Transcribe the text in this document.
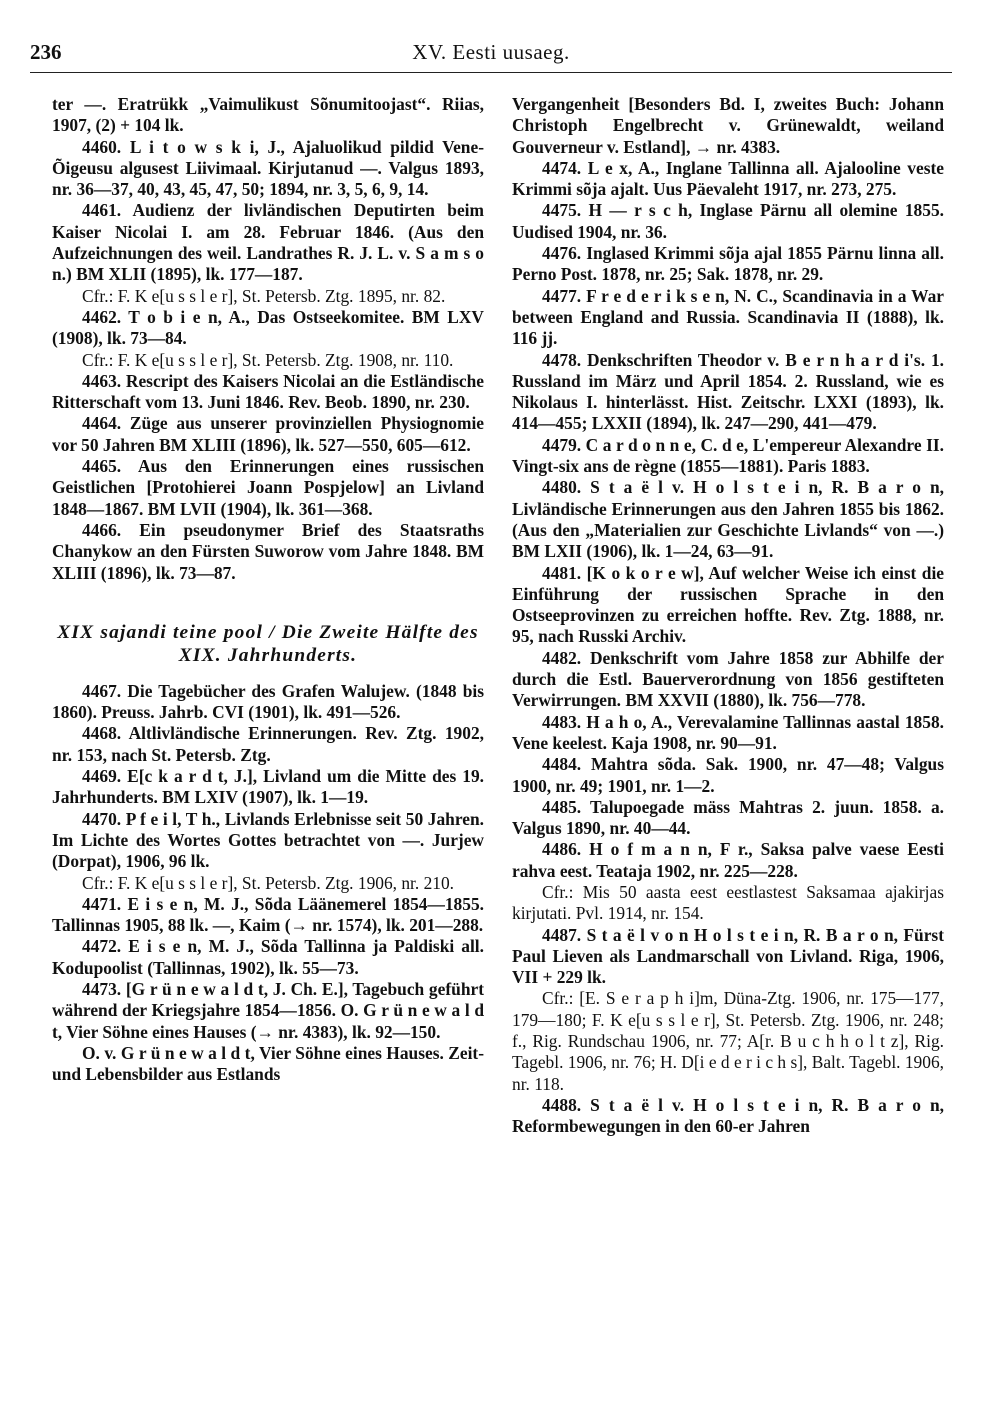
236	XV. Eesti uusaeg.

ter —. Eratrükk „Vaimulikust Sõnumitoojast“. Riias, 1907, (2) + 104 lk.

4460. L i t o w s k i, J., Ajaluolikud pildid Vene-Õigeusu algusest Liivimaal. Kirjutanud —. Valgus 1893, nr. 36—37, 40, 43, 45, 47, 50; 1894, nr. 3, 5, 6, 9, 14.

4461. Audienz der livländischen Deputirten beim Kaiser Nicolai I. am 28. Februar 1846. (Aus den Aufzeichnungen des weil. Landrathes R. J. L. v. S a m s o n.) BM XLII (1895), lk. 177—187.

Cfr.: F. K e[u s s l e r], St. Petersb. Ztg. 1895, nr. 82.

4462. T o b i e n, A., Das Ostseekomitee. BM LXV (1908), lk. 73—84.

Cfr.: F. K e[u s s l e r], St. Petersb. Ztg. 1908, nr. 110.

4463. Rescript des Kaisers Nicolai an die Estländische Ritterschaft vom 13. Juni 1846. Rev. Beob. 1890, nr. 230.

4464. Züge aus unserer provinziellen Physiognomie vor 50 Jahren BM XLIII (1896), lk. 527—550, 605—612.

4465. Aus den Erinnerungen eines russischen Geistlichen [Protohierei Joann Pospjelow] an Livland 1848—1867. BM LVII (1904), lk. 361—368.

4466. Ein pseudonymer Brief des Staatsraths Chanykow an den Fürsten Suworow vom Jahre 1848. BM XLIII (1896), lk. 73—87.

XIX sajandi teine pool / Die Zweite Hälfte des XIX. Jahrhunderts.

4467. Die Tagebücher des Grafen Walujew. (1848 bis 1860). Preuss. Jahrb. CVI (1901), lk. 491—526.

4468. Altlivländische Erinnerungen. Rev. Ztg. 1902, nr. 153, nach St. Petersb. Ztg.

4469. E[c k a r d t, J.], Livland um die Mitte des 19. Jahrhunderts. BM LXIV (1907), lk. 1—19.

4470. P f e i l, T h., Livlands Erlebnisse seit 50 Jahren. Im Lichte des Wortes Gottes betrachtet von —. Jurjew (Dorpat), 1906, 96 lk.

Cfr.: F. K e[u s s l e r], St. Petersb. Ztg. 1906, nr. 210.

4471. E i s e n, M. J., Sõda Läänemerel 1854—1855. Tallinnas 1905, 88 lk. —, Kaim (→ nr. 1574), lk. 201—288.

4472. E i s e n, M. J., Sõda Tallinna ja Paldiski all. Kodupoolist (Tallinnas, 1902), lk. 55—73.

4473. [G r ü n e w a l d t, J. Ch. E.], Tagebuch geführt während der Kriegsjahre 1854—1856. O. G r ü n e w a l d t, Vier Söhne eines Hauses (→ nr. 4383), lk. 92—150.

O. v. G r ü n e w a l d t, Vier Söhne eines Hauses. Zeit- und Lebensbilder aus Estlands

Vergangenheit [Besonders Bd. I, zweites Buch: Johann Christoph Engelbrecht v. Grünewaldt, weiland Gouverneur v. Estland], → nr. 4383.

4474. L e x, A., Inglane Tallinna all. Ajalooline veste Krimmi sõja ajalt. Uus Päevaleht 1917, nr. 273, 275.

4475. H — r s c h, Inglase Pärnu all olemine 1855. Uudised 1904, nr. 36.

4476. Inglased Krimmi sõja ajal 1855 Pärnu linna all. Perno Post. 1878, nr. 25; Sak. 1878, nr. 29.

4477. F r e d e r i k s e n, N. C., Scandinavia in a War between England and Russia. Scandinavia II (1888), lk. 116 jj.

4478. Denkschriften Theodor v. B e r n h a r d i's. 1. Russland im März und April 1854. 2. Russland, wie es Nikolaus I. hinterlässt. Hist. Zeitschr. LXXI (1893), lk. 414—455; LXXII (1894), lk. 247—290, 441—479.

4479. C a r d o n n e, C. d e, L'empereur Alexandre II. Vingt-six ans de règne (1855—1881). Paris 1883.

4480. S t a ë l v. H o l s t e i n, R. B a r o n, Livländische Erinnerungen aus den Jahren 1855 bis 1862. (Aus den „Materialien zur Geschichte Livlands“ von —.) BM LXII (1906), lk. 1—24, 63—91.

4481. [K o k o r e w], Auf welcher Weise ich einst die Einführung der russischen Sprache in den Ostseeprovinzen zu erreichen hoffte. Rev. Ztg. 1888, nr. 95, nach Russki Archiv.

4482. Denkschrift vom Jahre 1858 zur Abhilfe der durch die Estl. Bauerverordnung von 1856 gestifteten Verwirrungen. BM XXVII (1880), lk. 756—778.

4483. H a h o, A., Verevalamine Tallinnas aastal 1858. Vene keelest. Kaja 1908, nr. 90—91.

4484. Mahtra sõda. Sak. 1900, nr. 47—48; Valgus 1900, nr. 49; 1901, nr. 1—2.

4485. Talupoegade mäss Mahtras 2. juun. 1858. a. Valgus 1890, nr. 40—44.

4486. H o f m a n n, F r., Saksa palve vaese Eesti rahva eest. Teataja 1902, nr. 225—228.

Cfr.: Mis 50 aasta eest eestlastest Saksamaa ajakirjas kirjutati. Pvl. 1914, nr. 154.

4487. S t a ë l v o n H o l s t e i n, R. B a r o n, Fürst Paul Lieven als Landmarschall von Livland. Riga, 1906, VII + 229 lk.

Cfr.: [E. S e r a p h i]m, Düna-Ztg. 1906, nr. 175—177, 179—180; F. K e[u s s l e r], St. Petersb. Ztg. 1906, nr. 248; f., Rig. Rundschau 1906, nr. 77; A[r. B u c h h o l t z], Rig. Tagebl. 1906, nr. 76; H. D[i e d e r i c h s], Balt. Tagebl. 1906, nr. 118.

4488. S t a ë l v. H o l s t e i n, R. B a r o n, Reformbewegungen in den 60-er Jahren
